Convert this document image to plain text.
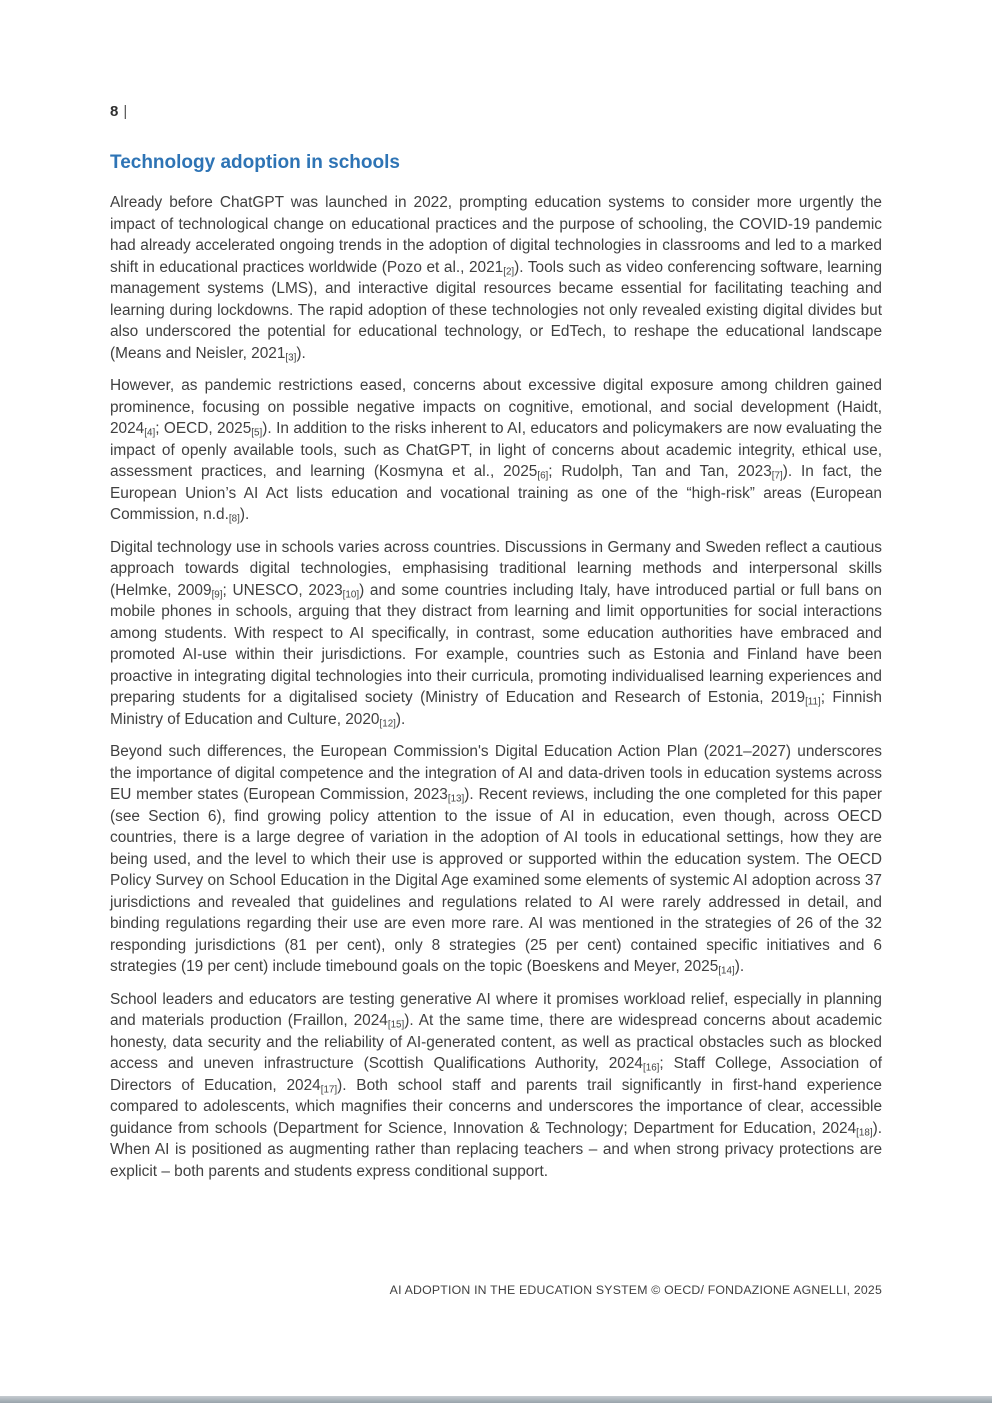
8 |
Technology adoption in schools

Already before ChatGPT was launched in 2022, prompting education systems to consider more urgently the impact of technological change on educational practices and the purpose of schooling, the COVID-19 pandemic had already accelerated ongoing trends in the adoption of digital technologies in classrooms and led to a marked shift in educational practices worldwide (Pozo et al., $2021_{[2]}$). Tools such as video conferencing software, learning management systems (LMS), and interactive digital resources became essential for facilitating teaching and learning during lockdowns. The rapid adoption of these technologies not only revealed existing digital divides but also underscored the potential for educational technology, or EdTech, to reshape the educational landscape (Means and Neisler, $2021_{[3]}$).

However, as pandemic restrictions eased, concerns about excessive digital exposure among children gained prominence, focusing on possible negative impacts on cognitive, emotional, and social development (Haidt, $2024_{[4]}$; OECD, $2025_{[5]}$). In addition to the risks inherent to AI, educators and policymakers are now evaluating the impact of openly available tools, such as ChatGPT, in light of concerns about academic integrity, ethical use, assessment practices, and learning (Kosmyna et al., $2025_{[6]}$; Rudolph, Tan and Tan, $2023_{[7]}$). In fact, the European Union’s AI Act lists education and vocational training as one of the “high-risk” areas (European Commission, $n.d._{[8]}$).

Digital technology use in schools varies across countries. Discussions in Germany and Sweden reflect a cautious approach towards digital technologies, emphasising traditional learning methods and interpersonal skills (Helmke, $2009_{[9]}$; UNESCO, $2023_{[10]}$) and some countries including Italy, have introduced partial or full bans on mobile phones in schools, arguing that they distract from learning and limit opportunities for social interactions among students. With respect to AI specifically, in contrast, some education authorities have embraced and promoted AI-use within their jurisdictions. For example, countries such as Estonia and Finland have been proactive in integrating digital technologies into their curricula, promoting individualised learning experiences and preparing students for a digitalised society (Ministry of Education and Research of Estonia, $2019_{[11]}$; Finnish Ministry of Education and Culture, $2020_{[12]}$).

Beyond such differences, the European Commission's Digital Education Action Plan (2021–2027) underscores the importance of digital competence and the integration of AI and data-driven tools in education systems across EU member states (European Commission, $2023_{[13]}$). Recent reviews, including the one completed for this paper (see Section 6), find growing policy attention to the issue of AI in education, even though, across OECD countries, there is a large degree of variation in the adoption of AI tools in educational settings, how they are being used, and the level to which their use is approved or supported within the education system. The OECD Policy Survey on School Education in the Digital Age examined some elements of systemic AI adoption across 37 jurisdictions and revealed that guidelines and regulations related to AI were rarely addressed in detail, and binding regulations regarding their use are even more rare. AI was mentioned in the strategies of 26 of the 32 responding jurisdictions (81 per cent), only 8 strategies (25 per cent) contained specific initiatives and 6 strategies (19 per cent) include timebound goals on the topic (Boeskens and Meyer, $2025_{[14]}$).

School leaders and educators are testing generative AI where it promises workload relief, especially in planning and materials production (Fraillon, $2024_{[15]}$). At the same time, there are widespread concerns about academic honesty, data security and the reliability of AI-generated content, as well as practical obstacles such as blocked access and uneven infrastructure (Scottish Qualifications Authority, $2024_{[16]}$; Staff College, Association of Directors of Education, $2024_{[17]}$). Both school staff and parents trail significantly in first-hand experience compared to adolescents, which magnifies their concerns and underscores the importance of clear, accessible guidance from schools (Department for Science, Innovation & Technology; Department for Education, $2024_{[18]}$). When AI is positioned as augmenting rather than replacing teachers – and when strong privacy protections are explicit – both parents and students express conditional support.

AI ADOPTION IN THE EDUCATION SYSTEM © OECD/ FONDAZIONE AGNELLI, 2025
